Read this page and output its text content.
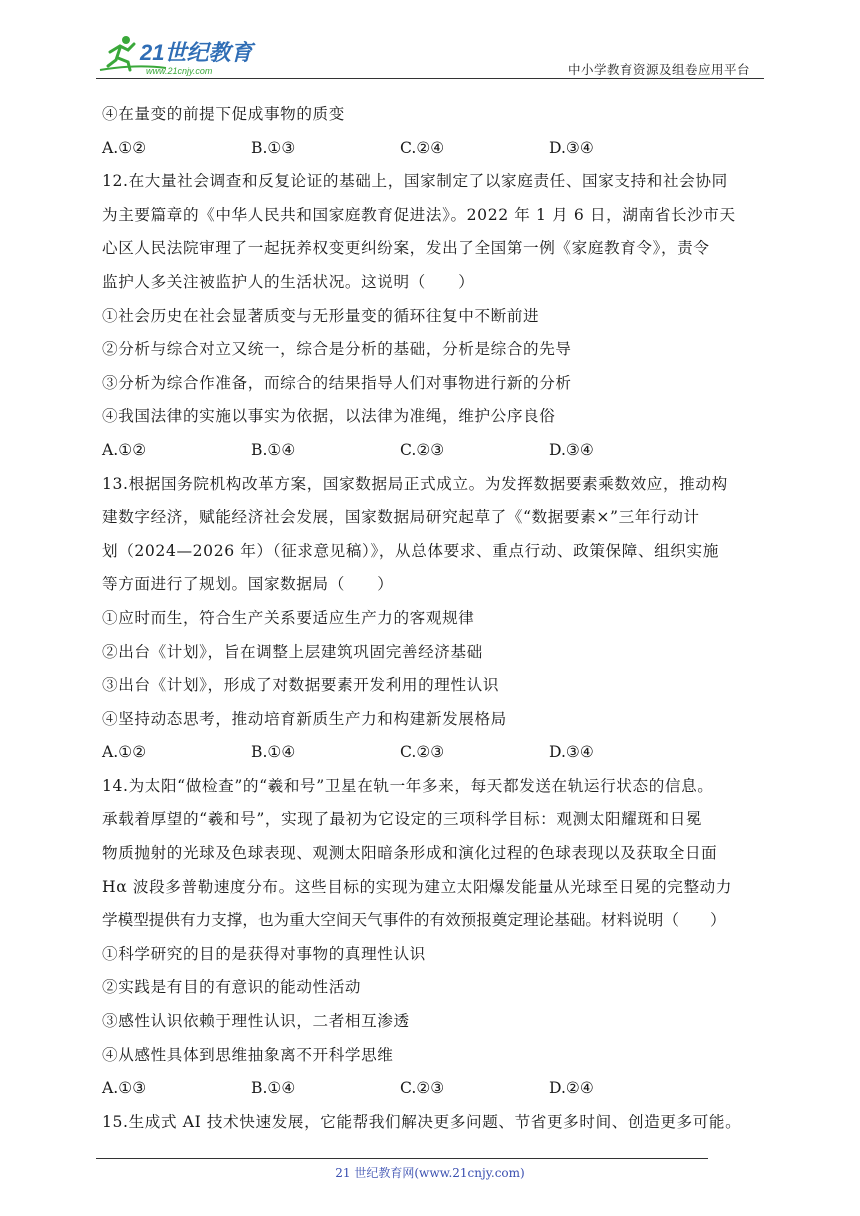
21世纪教育
www.21cnjy.com	中小学教育资源及组卷应用平台
④在量变的前提下促成事物的质变
A.①②	B.①③	C.②④	D.③④
12.在大量社会调查和反复论证的基础上，国家制定了以家庭责任、国家支持和社会协同
为主要篇章的《中华人民共和国家庭教育促进法》。2022 年 1 月 6 日，湖南省长沙市天
心区人民法院审理了一起抚养权变更纠纷案，发出了全国第一例《家庭教育令》，责令
监护人多关注被监护人的生活状况。这说明（　　）
①社会历史在社会显著质变与无形量变的循环往复中不断前进
②分析与综合对立又统一，综合是分析的基础，分析是综合的先导
③分析为综合作准备，而综合的结果指导人们对事物进行新的分析
④我国法律的实施以事实为依据，以法律为准绳，维护公序良俗
A.①②	B.①④	C.②③	D.③④
13.根据国务院机构改革方案，国家数据局正式成立。为发挥数据要素乘数效应，推动构
建数字经济，赋能经济社会发展，国家数据局研究起草了《“数据要素×”三年行动计
划（2024—2026 年）（征求意见稿）》，从总体要求、重点行动、政策保障、组织实施
等方面进行了规划。国家数据局（　　）
①应时而生，符合生产关系要适应生产力的客观规律
②出台《计划》，旨在调整上层建筑巩固完善经济基础
③出台《计划》，形成了对数据要素开发利用的理性认识
④坚持动态思考，推动培育新质生产力和构建新发展格局
A.①②	B.①④	C.②③	D.③④
14.为太阳“做检查”的“羲和号”卫星在轨一年多来，每天都发送在轨运行状态的信息。
承载着厚望的“羲和号”，实现了最初为它设定的三项科学目标：观测太阳耀斑和日冕
物质抛射的光球及色球表现、观测太阳暗条形成和演化过程的色球表现以及获取全日面
Hα 波段多普勒速度分布。这些目标的实现为建立太阳爆发能量从光球至日冕的完整动力
学模型提供有力支撑，也为重大空间天气事件的有效预报奠定理论基础。材料说明（　　）
①科学研究的目的是获得对事物的真理性认识
②实践是有目的有意识的能动性活动
③感性认识依赖于理性认识，二者相互渗透
④从感性具体到思维抽象离不开科学思维
A.①③	B.①④	C.②③	D.②④
15.生成式 AI 技术快速发展，它能帮我们解决更多问题、节省更多时间、创造更多可能。
21 世纪教育网(www.21cnjy.com)
